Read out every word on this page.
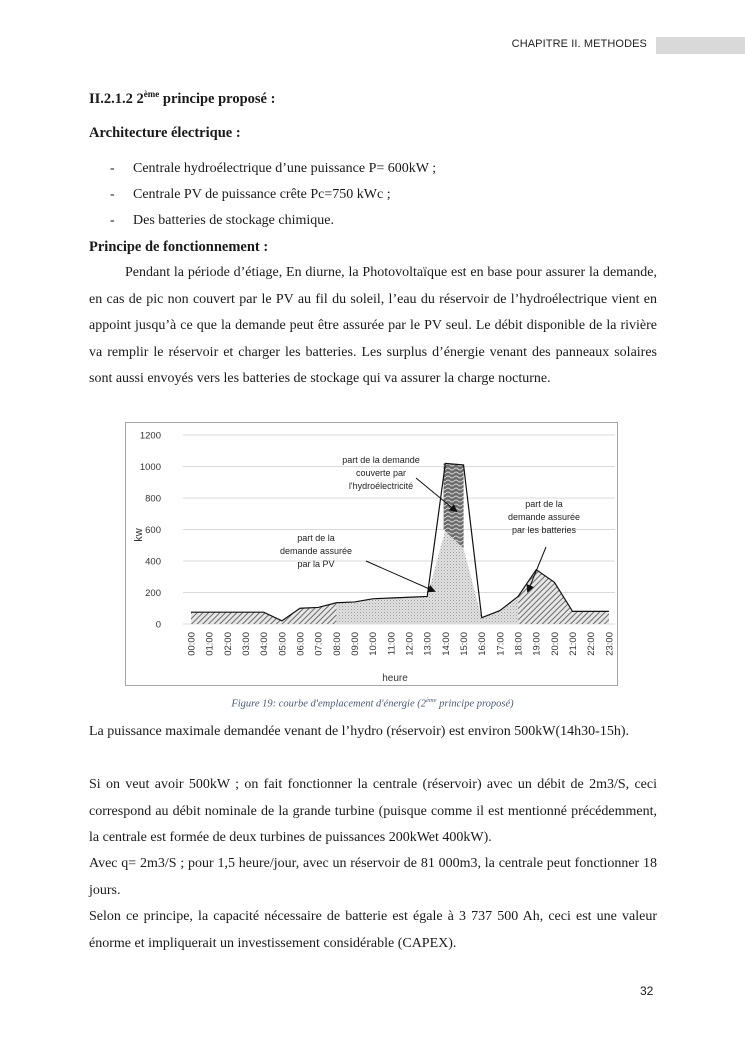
CHAPITRE II. METHODES
II.2.1.2 2ème principe proposé :
Architecture électrique :
- Centrale hydroélectrique d’une puissance P= 600kW ;
- Centrale PV de puissance crête Pc=750 kWc ;
- Des batteries de stockage chimique.
Principe de fonctionnement :

Pendant la période d’étiage, En diurne, la Photovoltaïque est en base pour assurer la demande, en cas de pic non couvert par le PV au fil du soleil, l’eau du réservoir de l’hydroélectrique vient en appoint jusqu’à ce que la demande peut être assurée par le PV seul. Le débit disponible de la rivière va remplir le réservoir et charger les batteries. Les surplus d’énergie venant des panneaux solaires sont aussi envoyés vers les batteries de stockage qui va assurer la charge nocturne.

0
200
400
600
800
1000
1200
00:00 01:00 02:00 03:00 04:00 05:00 06:00 07:00 08:00 09:00 10:00 11:00 12:00 13:00 14:00 15:00 16:00 17:00 18:00 19:00 20:00 21:00 22:00 23:00
kw
heure
part de la demande
couverte par
l'hydroélectricité
part de la
demande assurée
par la PV
part de la
demande assurée
par les batteries
Figure 19: courbe d'emplacement d'énergie (2ème principe proposé)

La puissance maximale demandée venant de l’hydro (réservoir) est environ 500kW(14h30-15h).

Si on veut avoir 500kW ; on fait fonctionner la centrale (réservoir) avec un débit de 2m3/S, ceci correspond au débit nominale de la grande turbine (puisque comme il est mentionné précédemment, la centrale est formée de deux turbines de puissances 200kWet 400kW).

Avec q= 2m3/S ; pour 1,5 heure/jour, avec un réservoir de 81 000m3, la centrale peut fonctionner 18 jours.

Selon ce principe, la capacité nécessaire de batterie est égale à 3 737 500 Ah, ceci est une valeur énorme et impliquerait un investissement considérable (CAPEX).

32
